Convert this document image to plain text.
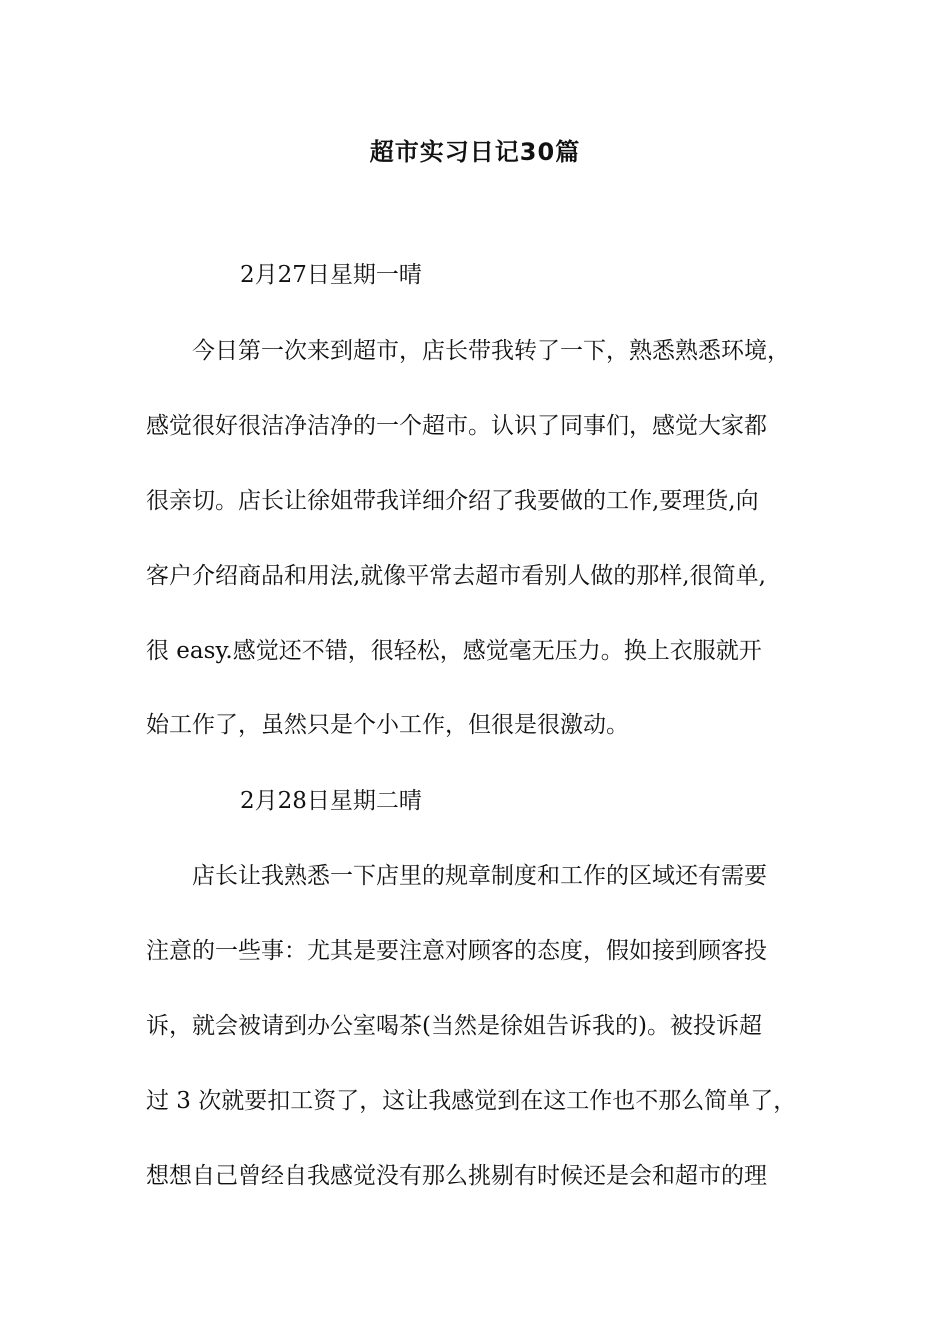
超市实习日记30篇
2月27日星期一晴
今日第一次来到超市，店长带我转了一下，熟悉熟悉环境，
感觉很好很洁净洁净的一个超市。认识了同事们，感觉大家都
很亲切。店长让徐姐带我详细介绍了我要做的工作,要理货,向
客户介绍商品和用法,就像平常去超市看别人做的那样,很简单,
很 easy.感觉还不错，很轻松，感觉毫无压力。换上衣服就开
始工作了，虽然只是个小工作，但很是很激动。
2月28日星期二晴
店长让我熟悉一下店里的规章制度和工作的区域还有需要
注意的一些事：尤其是要注意对顾客的态度，假如接到顾客投
诉，就会被请到办公室喝茶(当然是徐姐告诉我的)。被投诉超
过 3 次就要扣工资了，这让我感觉到在这工作也不那么简单了，
想想自己曾经自我感觉没有那么挑剔有时候还是会和超市的理
